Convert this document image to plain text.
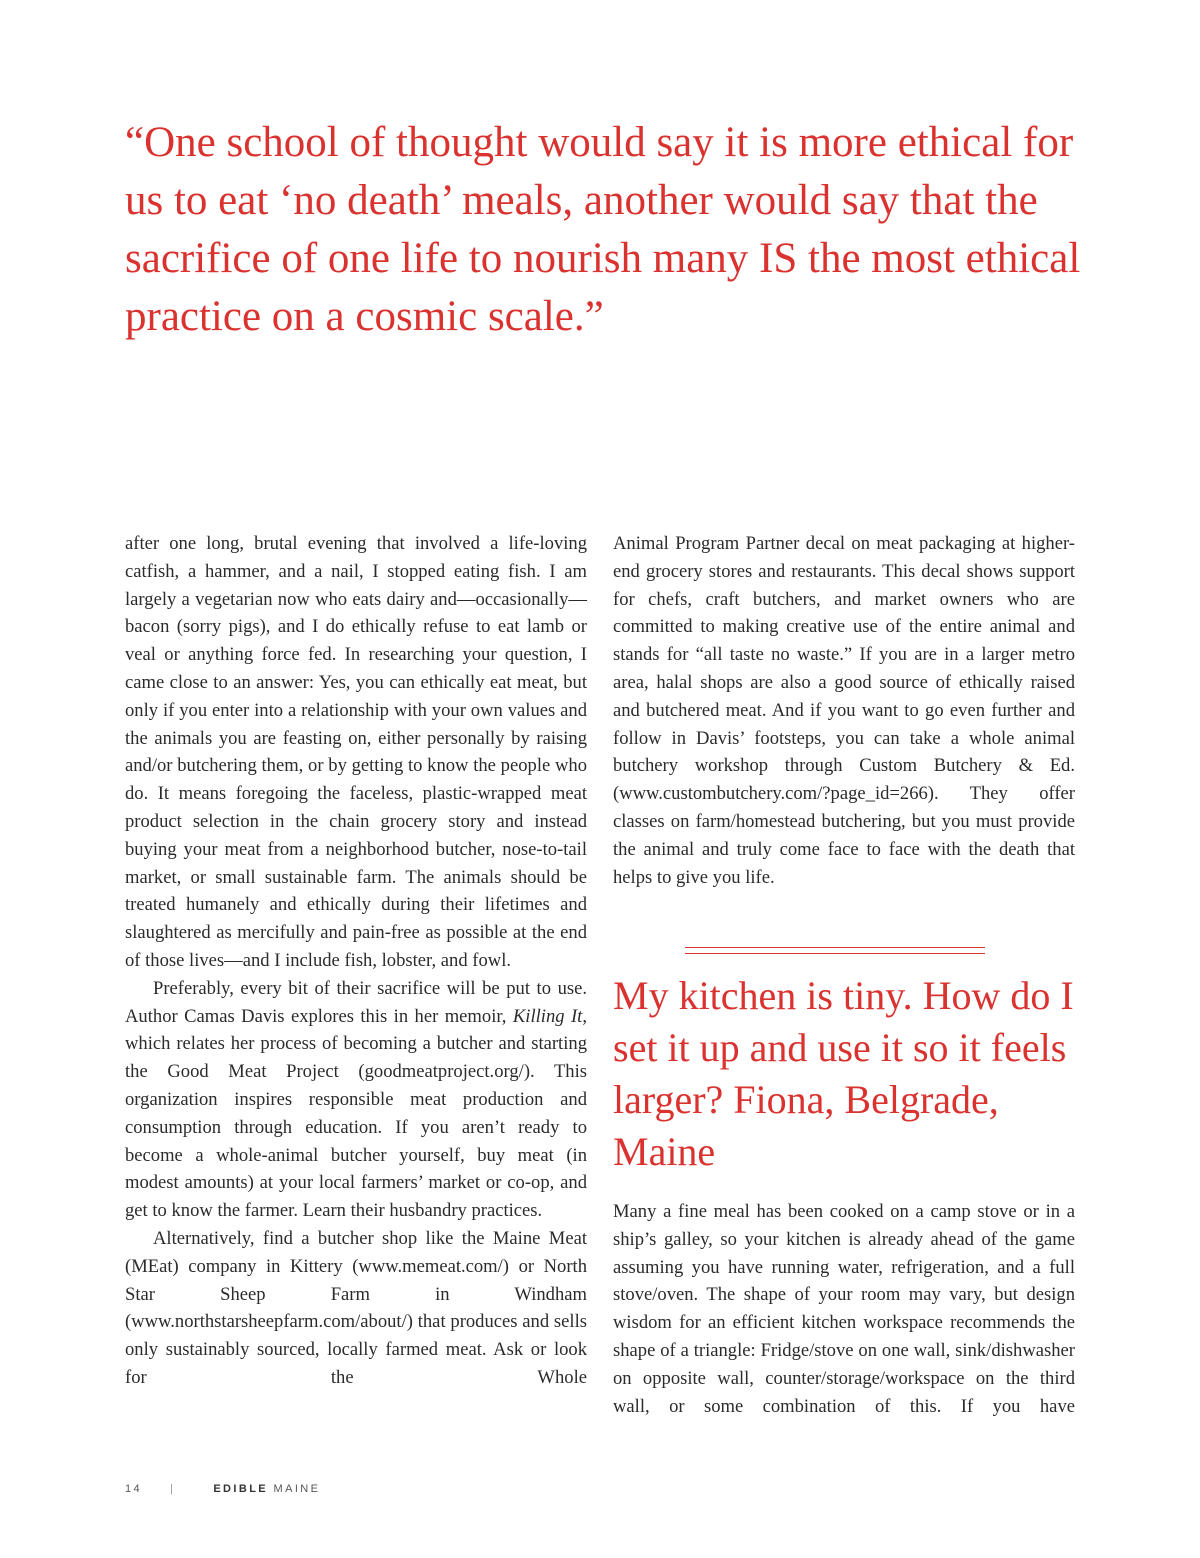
“One school of thought would say it is more ethical for us to eat ‘no death’ meals, another would say that the sacrifice of one life to nourish many IS the most ethical practice on a cosmic scale.”

after one long, brutal evening that involved a life-loving catfish, a hammer, and a nail, I stopped eating fish. I am largely a vegetarian now who eats dairy and—occasionally—bacon (sorry pigs), and I do ethically refuse to eat lamb or veal or anything force fed. In researching your question, I came close to an answer: Yes, you can ethically eat meat, but only if you enter into a relationship with your own values and the animals you are feasting on, either personally by raising and/or butchering them, or by getting to know the people who do. It means foregoing the faceless, plastic-wrapped meat product selection in the chain grocery story and instead buying your meat from a neighborhood butcher, nose-to-tail market, or small sustainable farm. The animals should be treated humanely and ethically during their lifetimes and slaughtered as mercifully and pain-free as possible at the end of those lives—and I include fish, lobster, and fowl.

Preferably, every bit of their sacrifice will be put to use. Author Camas Davis explores this in her memoir, Killing It, which relates her process of becoming a butcher and starting the Good Meat Project (goodmeatproject.org/). This organization inspires responsible meat production and consumption through education. If you aren’t ready to become a whole-animal butcher yourself, buy meat (in modest amounts) at your local farmers’ market or co-op, and get to know the farmer. Learn their husbandry practices.

Alternatively, find a butcher shop like the Maine Meat (MEat) company in Kittery (www.memeat.com/) or North Star Sheep Farm in Windham (www.northstarsheepfarm.com/about/) that produces and sells only sustainably sourced, locally farmed meat. Ask or look for the Whole

Animal Program Partner decal on meat packaging at higher-end grocery stores and restaurants. This decal shows support for chefs, craft butchers, and market owners who are committed to making creative use of the entire animal and stands for “all taste no waste.” If you are in a larger metro area, halal shops are also a good source of ethically raised and butchered meat. And if you want to go even further and follow in Davis’ footsteps, you can take a whole animal butchery workshop through Custom Butchery & Ed. (www.custombutchery.com/?page_id=266). They offer classes on farm/homestead butchering, but you must provide the animal and truly come face to face with the death that helps to give you life.

My kitchen is tiny. How do I set it up and use it so it feels larger? Fiona, Belgrade, Maine

Many a fine meal has been cooked on a camp stove or in a ship’s galley, so your kitchen is already ahead of the game assuming you have running water, refrigeration, and a full stove/oven. The shape of your room may vary, but design wisdom for an efficient kitchen workspace recommends the shape of a triangle: Fridge/stove on one wall, sink/dishwasher on opposite wall, counter/storage/workspace on the third wall, or some combination of this. If you have

14	|	EDIBLE MAINE
